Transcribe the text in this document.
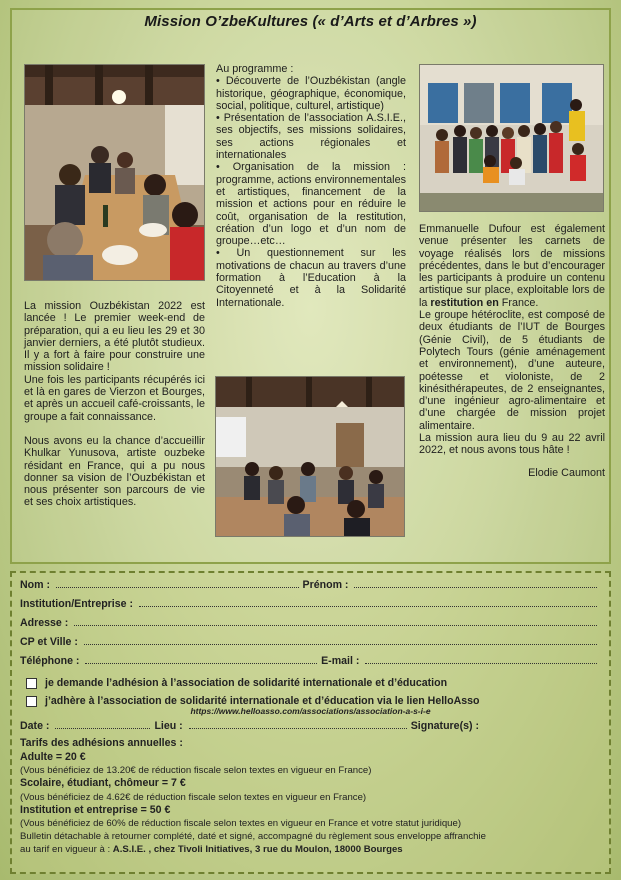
Mission O’zbeKultures (« d’Arts et d’Arbres »)

La mission Ouzbékistan 2022 est lancée ! Le premier week-end de préparation, qui a eu lieu les 29 et 30 janvier derniers, a été plutôt studieux. Il y a fort à faire pour construire une mission solidaire !

Une fois les participants récupérés ici et là en gares de Vierzon et Bourges, et après un accueil café-croissants, le groupe a fait connaissance.

Nous avons eu la chance d’accueillir Khulkar Yunusova, artiste ouzbeke résidant en France, qui a pu nous donner sa vision de l’Ouzbékistan et nous présenter son parcours de vie et ses choix artistiques.

Au programme :

• Découverte de l’Ouzbékistan (angle historique, géographique, économique, social, politique, culturel, artistique)

• Présentation de l’association A.S.I.E., ses objectifs, ses missions solidaires, ses actions régionales et internationales

• Organisation de la mission : programme, actions environnementales et artistiques, financement de la mission et actions pour en réduire le coût, organisation de la restitution, création d’un logo et d’un nom de groupe…etc…

• Un questionnement sur les motivations de chacun au travers d’une formation à l’Education à la Citoyenneté et à la Solidarité Internationale.

Emmanuelle Dufour est également venue présenter les carnets de voyage réalisés lors de missions précédentes, dans le but d’encourager les participants à produire un contenu artistique sur place, exploitable lors de la restitution en France.

Le groupe hétéroclite, est composé de deux étudiants de l’IUT de Bourges (Génie Civil), de 5 étudiants de Polytech Tours (génie aménagement et environnement), d’une auteure, poétesse et violoniste, de 2 kinésithérapeutes, de 2 enseignantes, d’une ingénieur agro-alimentaire et d’une chargée de mission projet alimentaire.

La mission aura lieu du 9 au 22 avril 2022, et nous avons tous hâte !

Elodie Caumont

Nom :	Prénom :
Institution/Entreprise :
Adresse :
CP et Ville :
Téléphone :	E-mail :
je demande l’adhésion à l’association de solidarité internationale et d’éducation
j’adhère à l’association de solidarité internationale et d’éducation via le lien HelloAsso
https://www.helloasso.com/associations/association-a-s-i-e
Date :	Lieu :	Signature(s) :
Tarifs des adhésions annuelles :
Adulte = 20 €
(Vous bénéficiez de 13.20€ de réduction fiscale selon textes en vigueur en France)
Scolaire, étudiant, chômeur = 7 €
(Vous bénéficiez de 4.62€ de réduction fiscale selon textes en vigueur en France)
Institution et entreprise = 50 €
(Vous bénéficiez de 60% de réduction fiscale selon textes en vigueur en France et votre statut juridique)
Bulletin détachable à retourner complété, daté et signé, accompagné du règlement sous enveloppe affranchie
au tarif en vigueur à : A.S.I.E. , chez Tivoli Initiatives, 3 rue du Moulon, 18000 Bourges
